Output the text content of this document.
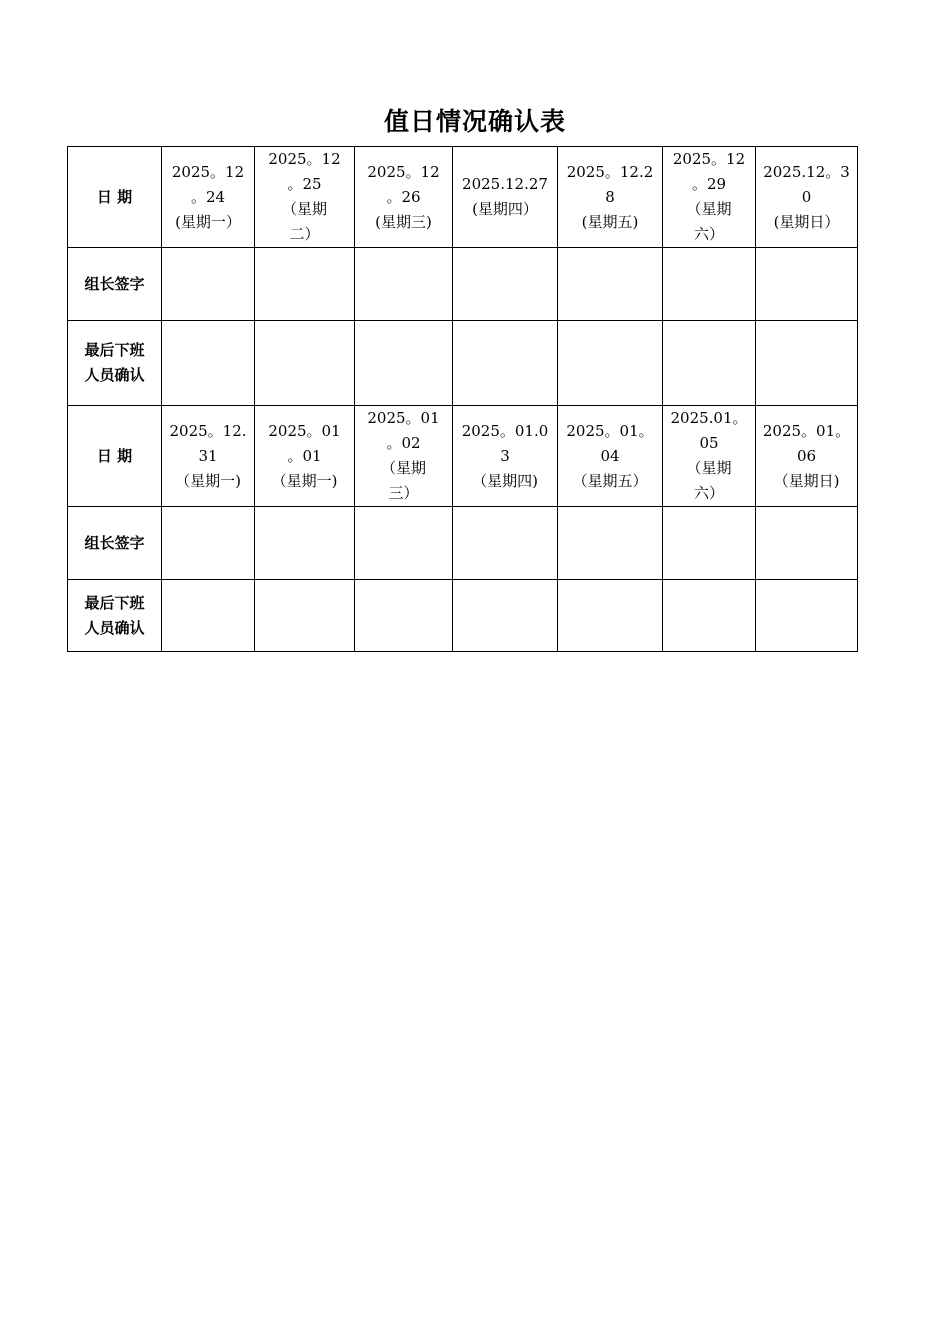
值日情况确认表
日 期	2025。12
。24
(星期一）	2025。12
。25
（星期
二）	2025。12
。26
(星期三)	2025.12.27
(星期四）	2025。12.2
8
(星期五)	2025。12
。29
（星期
六）	2025.12。3
0
(星期日）

组长签字							

最后下班
人员确认							

日 期	2025。12.
31
（星期一)	2025。01
。01
（星期一)	2025。01
。02
（星期
三）	2025。01.0
3
（星期四)	2025。01。
04
（星期五）	2025.01。
05
（星期
六）	2025。01。
06
（星期日)

组长签字							

最后下班
人员确认							
